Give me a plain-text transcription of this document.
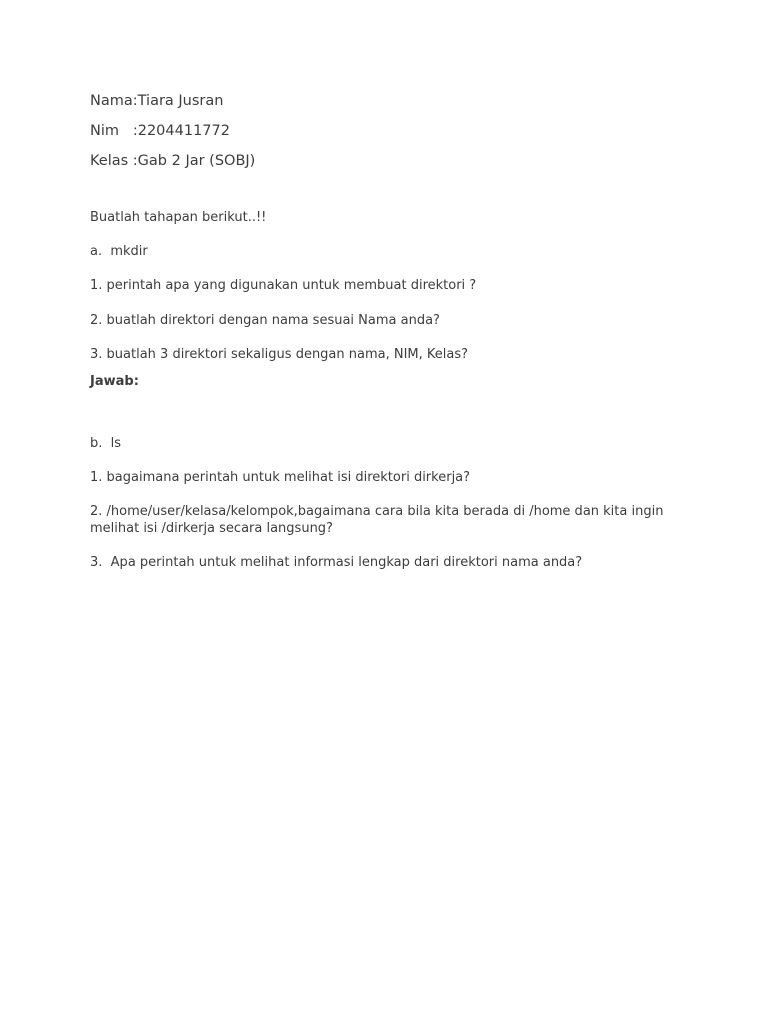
Nama:Tiara Jusran
Nim   :2204411772
Kelas :Gab 2 Jar (SOBJ)
Buatlah tahapan berikut..!!
a.  mkdir
1. perintah apa yang digunakan untuk membuat direktori ?
2. buatlah direktori dengan nama sesuai Nama anda?
3. buatlah 3 direktori sekaligus dengan nama, NIM, Kelas?
Jawab:
b.  ls
1. bagaimana perintah untuk melihat isi direktori dirkerja?
2. /home/user/kelasa/kelompok,bagaimana cara bila kita berada di /home dan kita ingin melihat isi /dirkerja secara langsung?
3.  Apa perintah untuk melihat informasi lengkap dari direktori nama anda?
